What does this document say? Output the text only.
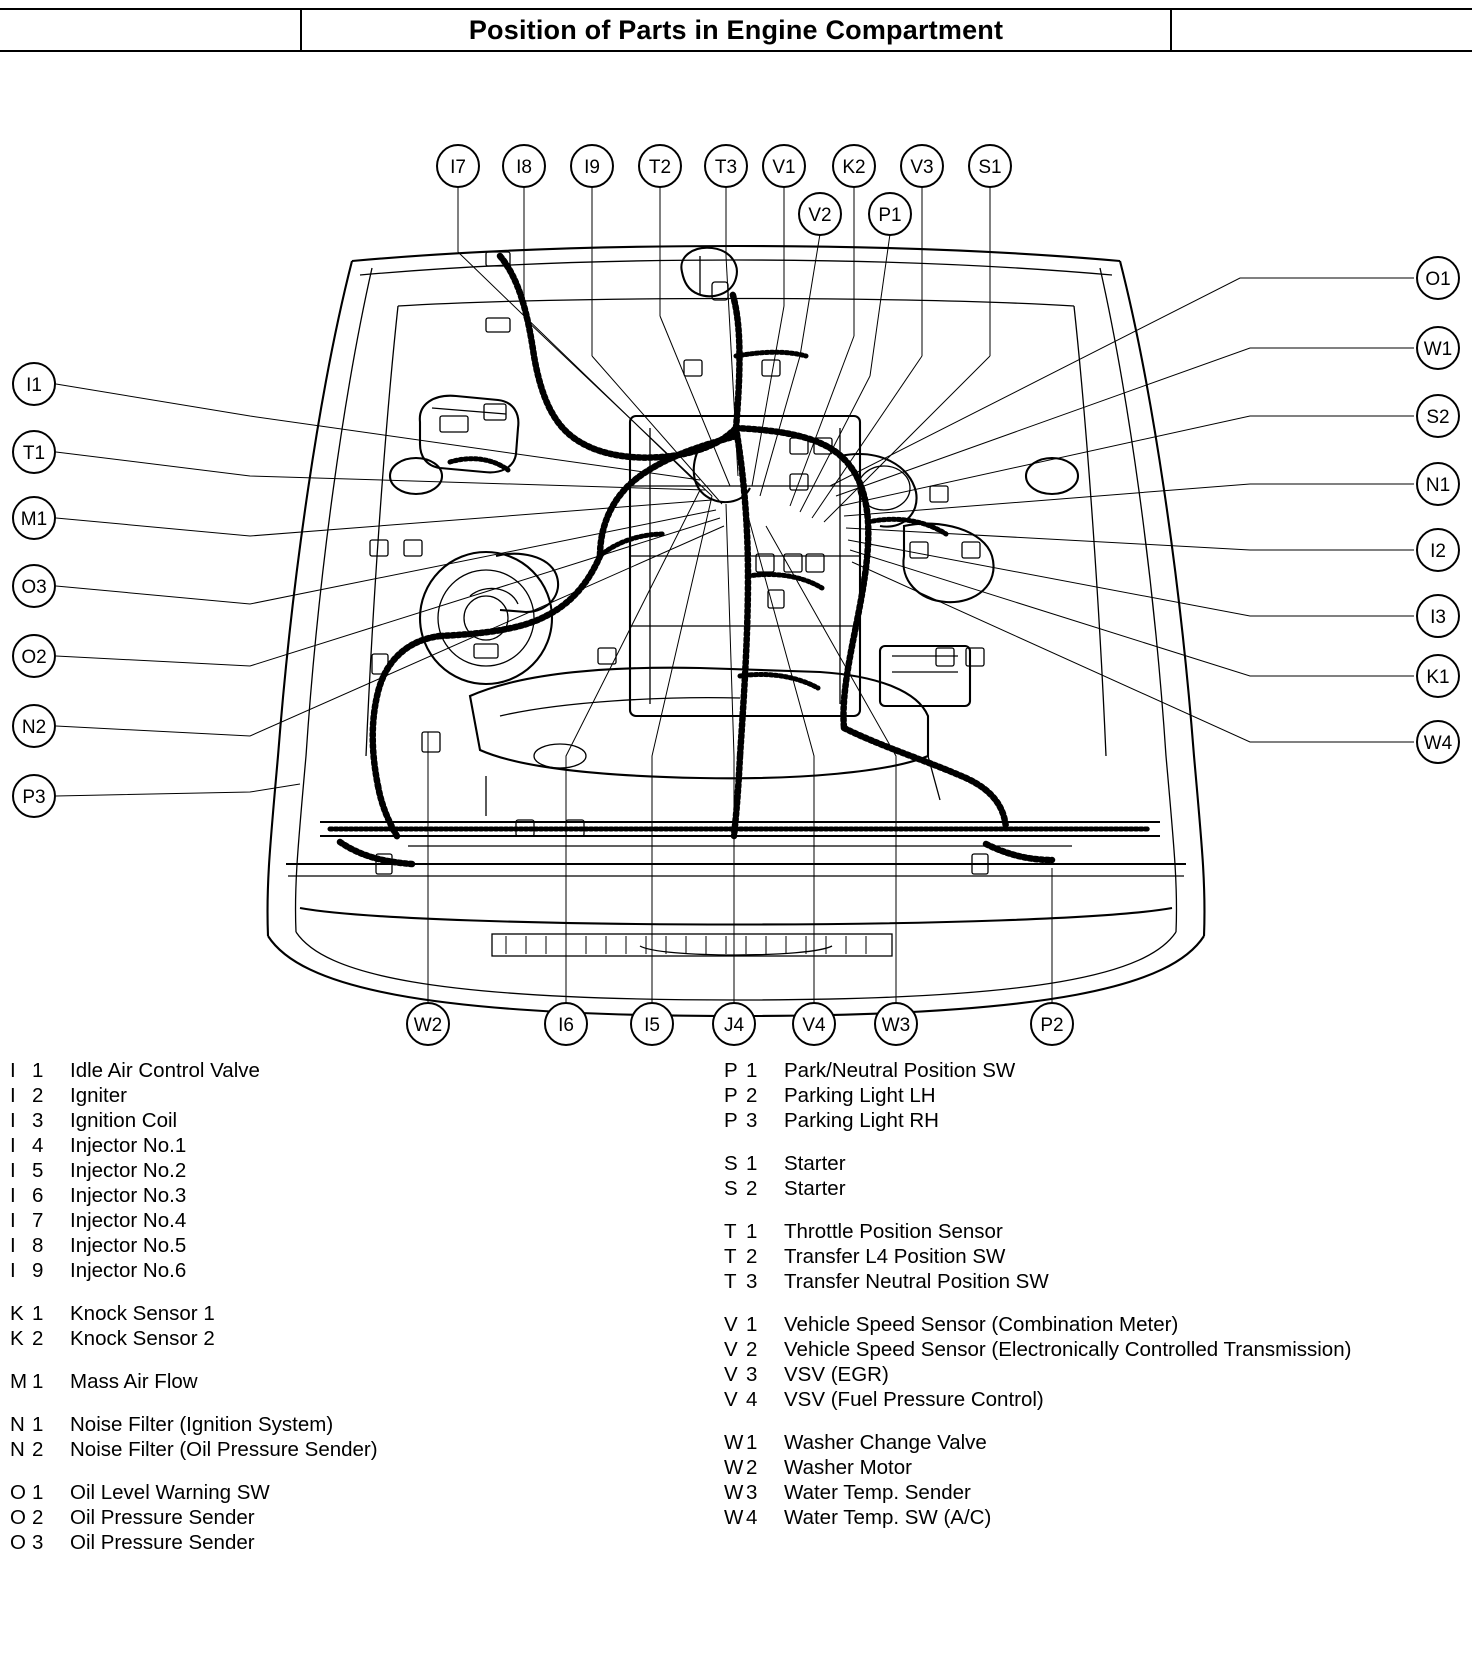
Position of Parts in Engine Compartment
I7	I8	I9	T2 T3 V1 K2 V3 S1
V2 P1
I1
T1
M1
O3
O2
N2
P3
O1
W1
S2
N1
I2
I3
K1
W4
W2	I6	I5	J4	V4	W3	P2
I 1	Idle Air Control Valve
I 2	Igniter
I 3	Ignition Coil
I 4	Injector No.1
I 5	Injector No.2
I 6	Injector No.3
I 7	Injector No.4
I 8	Injector No.5
I 9	Injector No.6
K 1	Knock Sensor 1
K 2	Knock Sensor 2
M 1	Mass Air Flow
N 1	Noise Filter (Ignition System)
N 2	Noise Filter (Oil Pressure Sender)
O 1	Oil Level Warning SW
O 2	Oil Pressure Sender
O 3	Oil Pressure Sender
P 1	Park/Neutral Position SW
P 2	Parking Light LH
P 3	Parking Light RH
S 1	Starter
S 2	Starter
T 1	Throttle Position Sensor
T 2	Transfer L4 Position SW
T 3	Transfer Neutral Position SW
V 1	Vehicle Speed Sensor (Combination Meter)
V 2	Vehicle Speed Sensor (Electronically Controlled Transmission)
V 3	VSV (EGR)
V 4	VSV (Fuel Pressure Control)
W 1	Washer Change Valve
W 2	Washer Motor
W 3	Water Temp. Sender
W 4	Water Temp. SW (A/C)
